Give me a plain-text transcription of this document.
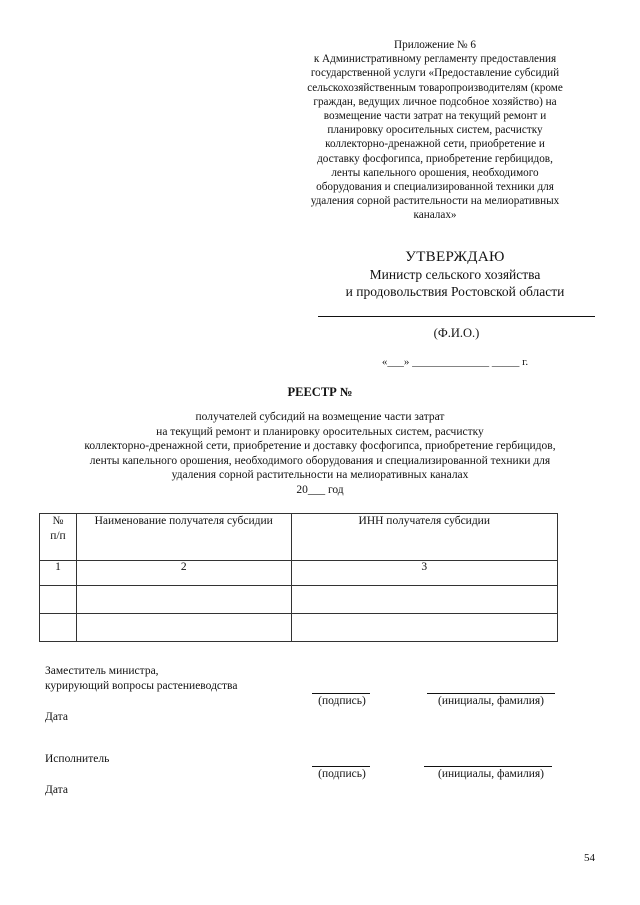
Приложение № 6
к Административному регламенту предоставления
государственной услуги «Предоставление субсидий
сельскохозяйственным товаропроизводителям (кроме
граждан, ведущих личное подсобное хозяйство) на
возмещение части затрат на текущий ремонт и
планировку оросительных систем, расчистку
коллекторно-дренажной сети, приобретение и
доставку фосфогипса, приобретение гербицидов,
ленты капельного орошения, необходимого
оборудования и специализированной техники для
удаления сорной растительности на мелиоративных
каналах»
УТВЕРЖДАЮ
Министр сельского хозяйства
и продовольствия Ростовской области
(Ф.И.О.)
«___» ______________ _____ г.
РЕЕСТР №
получателей субсидий на возмещение части затрат
на текущий ремонт и планировку оросительных систем, расчистку
коллекторно-дренажной сети, приобретение и доставку фосфогипса, приобретение гербицидов,
ленты капельного орошения, необходимого оборудования и специализированной техники для
удаления сорной растительности на мелиоративных каналах
20___ год
№
п/п	Наименование получателя субсидии	ИНН получателя субсидии
1	2	3

Заместитель министра,
курирующий вопросы растениеводства
(подпись)	(инициалы, фамилия)
Дата
Исполнитель
(подпись)	(инициалы, фамилия)
Дата
54
